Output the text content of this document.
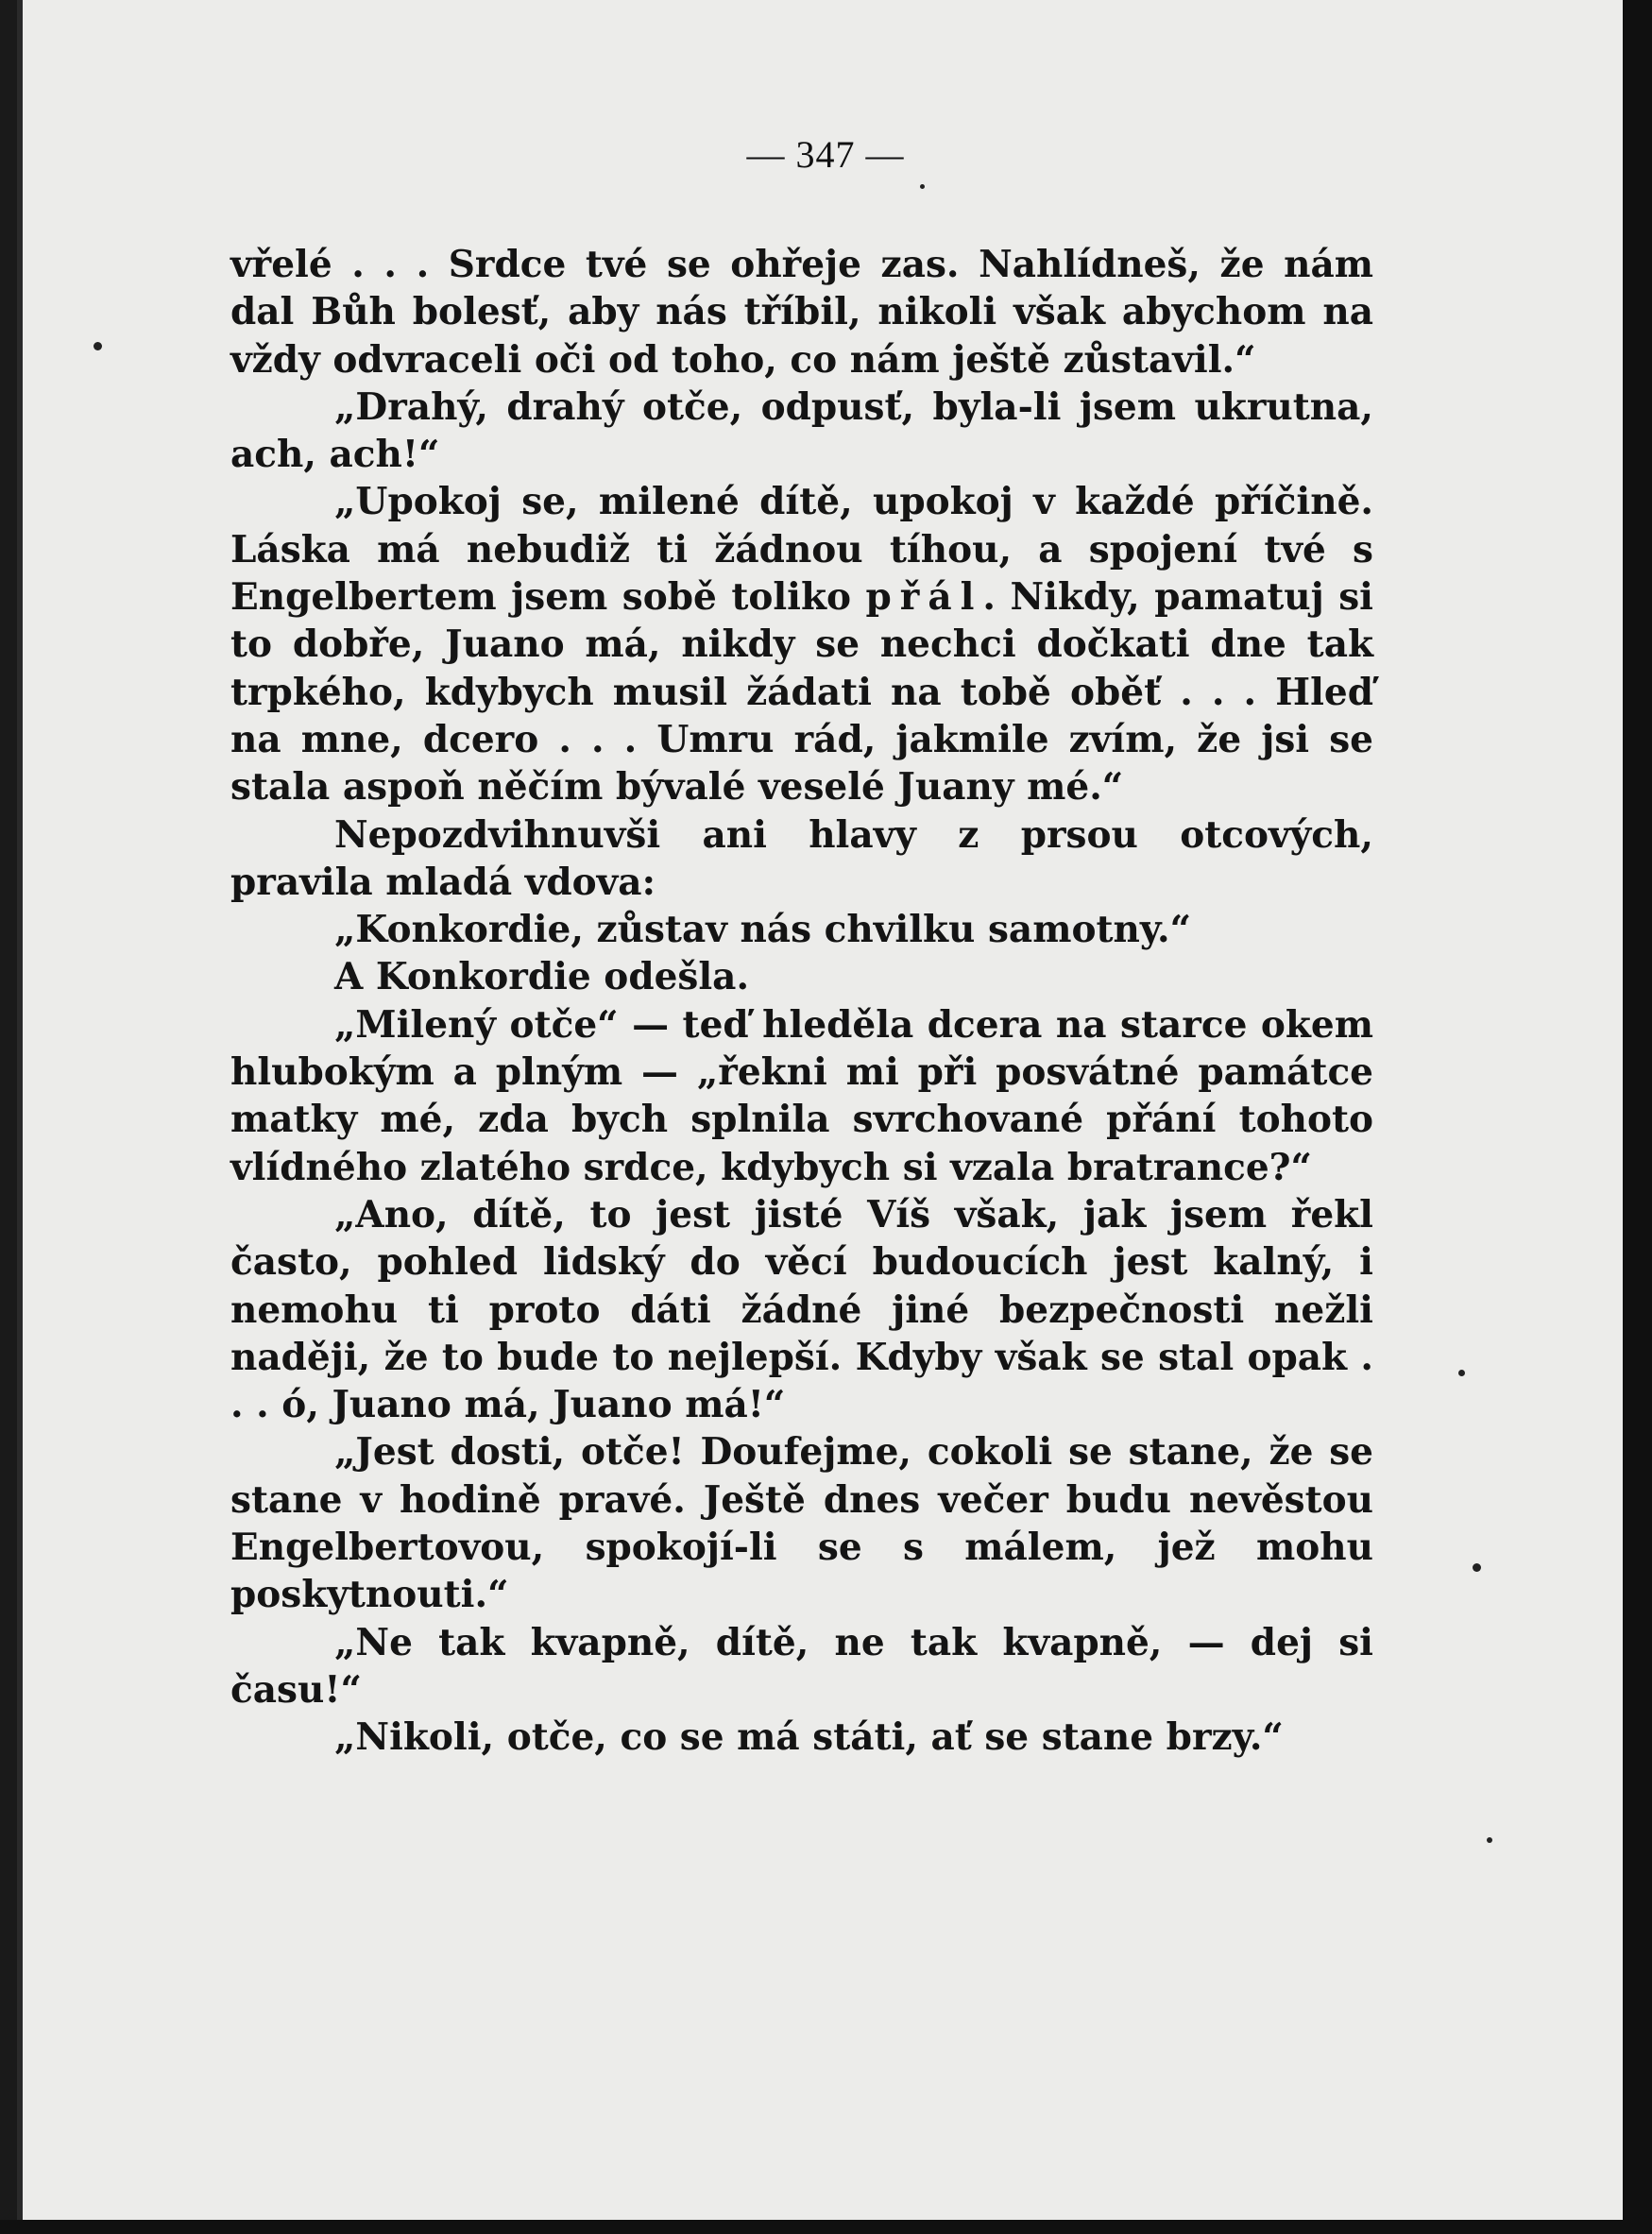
— 347 —

vřelé . . . Srdce tvé se ohřeje zas. Nahlídneš, že nám dal Bůh bolesť, aby nás tříbil, nikoli však abychom na vždy odvraceli oči od toho, co nám ještě zůstavil.“

„Drahý, drahý otče, odpusť, byla-li jsem ukrutna, ach, ach!“

„Upokoj se, milené dítě, upokoj v každé příčině. Láska má nebudiž ti žádnou tíhou, a spojení tvé s Engelbertem jsem sobě toliko přál. Nikdy, pamatuj si to dobře, Juano má, nikdy se nechci dočkati dne tak trpkého, kdybych musil žádati na tobě oběť . . . Hleď na mne, dcero . . . Umru rád, jakmile zvím, že jsi se stala aspoň něčím bývalé veselé Juany mé.“

Nepozdvihnuvši ani hlavy z prsou otcových, pravila mladá vdova:

„Konkordie, zůstav nás chvilku samotny.“

A Konkordie odešla.

„Milený otče“ — teď hleděla dcera na starce okem hlubokým a plným — „řekni mi při posvátné památce matky mé, zda bych splnila svrchované přání tohoto vlídného zlatého srdce, kdybych si vzala bratrance?“

„Ano, dítě, to jest jisté Víš však, jak jsem řekl často, pohled lidský do věcí budoucích jest kalný, i nemohu ti proto dáti žádné jiné bezpečnosti nežli naději, že to bude to nejlepší. Kdyby však se stal opak . . . ó, Juano má, Juano má!“

„Jest dosti, otče! Doufejme, cokoli se stane, že se stane v hodině pravé. Ještě dnes večer budu nevěstou Engelbertovou, spokojí-li se s málem, jež mohu poskytnouti.“

„Ne tak kvapně, dítě, ne tak kvapně, — dej si času!“

„Nikoli, otče, co se má státi, ať se stane brzy.“
